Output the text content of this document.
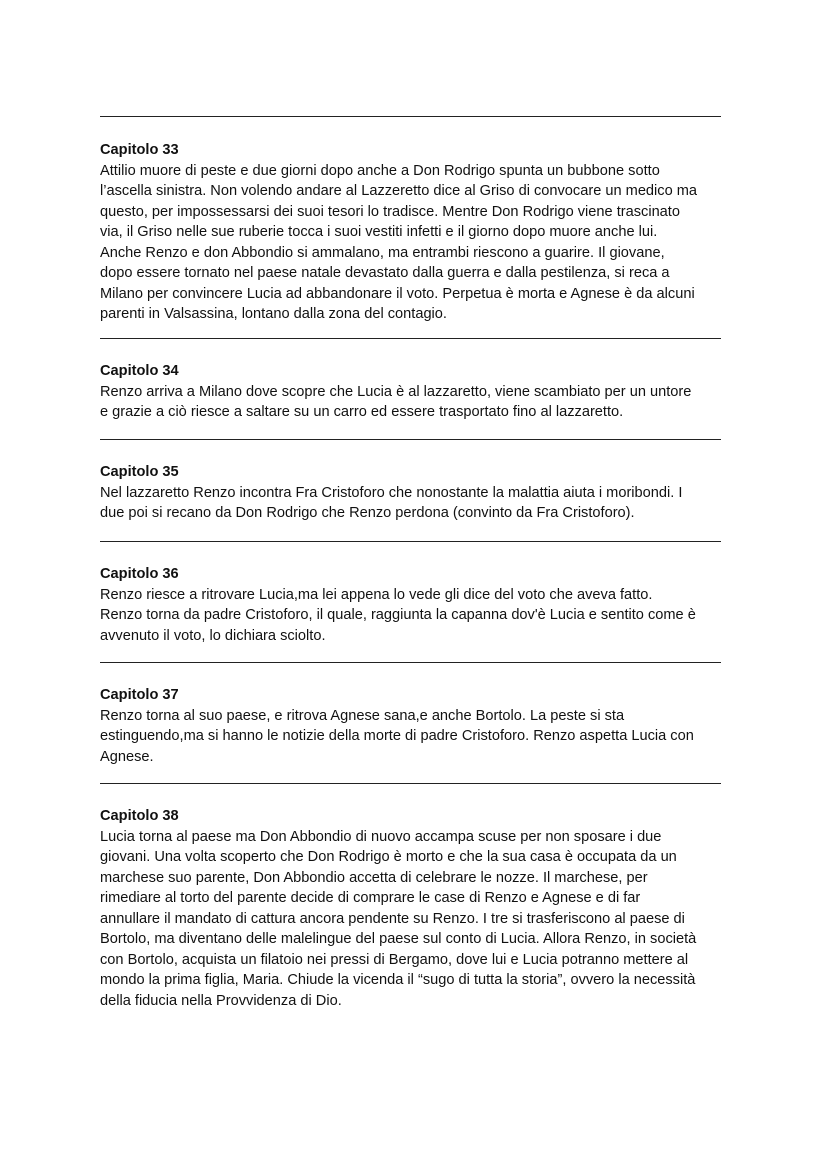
Capitolo 33

Attilio muore di peste e due giorni dopo anche a Don Rodrigo spunta un bubbone sotto
l’ascella sinistra. Non volendo andare al Lazzeretto dice al Griso di convocare un medico ma
questo, per impossessarsi dei suoi tesori lo tradisce. Mentre Don Rodrigo viene trascinato
via, il Griso nelle sue ruberie tocca i suoi vestiti infetti e il giorno dopo muore anche lui.
Anche Renzo e don Abbondio si ammalano, ma entrambi riescono a guarire. Il giovane,
dopo essere tornato nel paese natale devastato dalla guerra e dalla pestilenza, si reca a
Milano per convincere Lucia ad abbandonare il voto. Perpetua è morta e Agnese è da alcuni
parenti in Valsassina, lontano dalla zona del contagio.

Capitolo 34

Renzo arriva a Milano dove scopre che Lucia è al lazzaretto, viene scambiato per un untore
e grazie a ciò riesce a saltare su un carro ed essere trasportato fino al lazzaretto.

Capitolo 35

Nel lazzaretto Renzo incontra Fra Cristoforo che nonostante la malattia aiuta i moribondi. I
due poi si recano da Don Rodrigo che Renzo perdona (convinto da Fra Cristoforo).

Capitolo 36

Renzo riesce a ritrovare Lucia,ma lei appena lo vede gli dice del voto che aveva fatto.
Renzo torna da padre Cristoforo, il quale, raggiunta la capanna dov'è Lucia e sentito come è
avvenuto il voto, lo dichiara sciolto.

Capitolo 37

Renzo torna al suo paese, e ritrova Agnese sana,e anche Bortolo. La peste si sta
estinguendo,ma si hanno le notizie della morte di padre Cristoforo. Renzo aspetta Lucia con
Agnese.

Capitolo 38

Lucia torna al paese ma Don Abbondio di nuovo accampa scuse per non sposare i due
giovani. Una volta scoperto che Don Rodrigo è morto e che la sua casa è occupata da un
marchese suo parente, Don Abbondio accetta di celebrare le nozze. Il marchese, per
rimediare al torto del parente decide di comprare le case di Renzo e Agnese e di far
annullare il mandato di cattura ancora pendente su Renzo. I tre si trasferiscono al paese di
Bortolo, ma diventano delle malelingue del paese sul conto di Lucia. Allora Renzo, in società
con Bortolo, acquista un filatoio nei pressi di Bergamo, dove lui e Lucia potranno mettere al
mondo la prima figlia, Maria. Chiude la vicenda il “sugo di tutta la storia”, ovvero la necessità
della fiducia nella Provvidenza di Dio.
